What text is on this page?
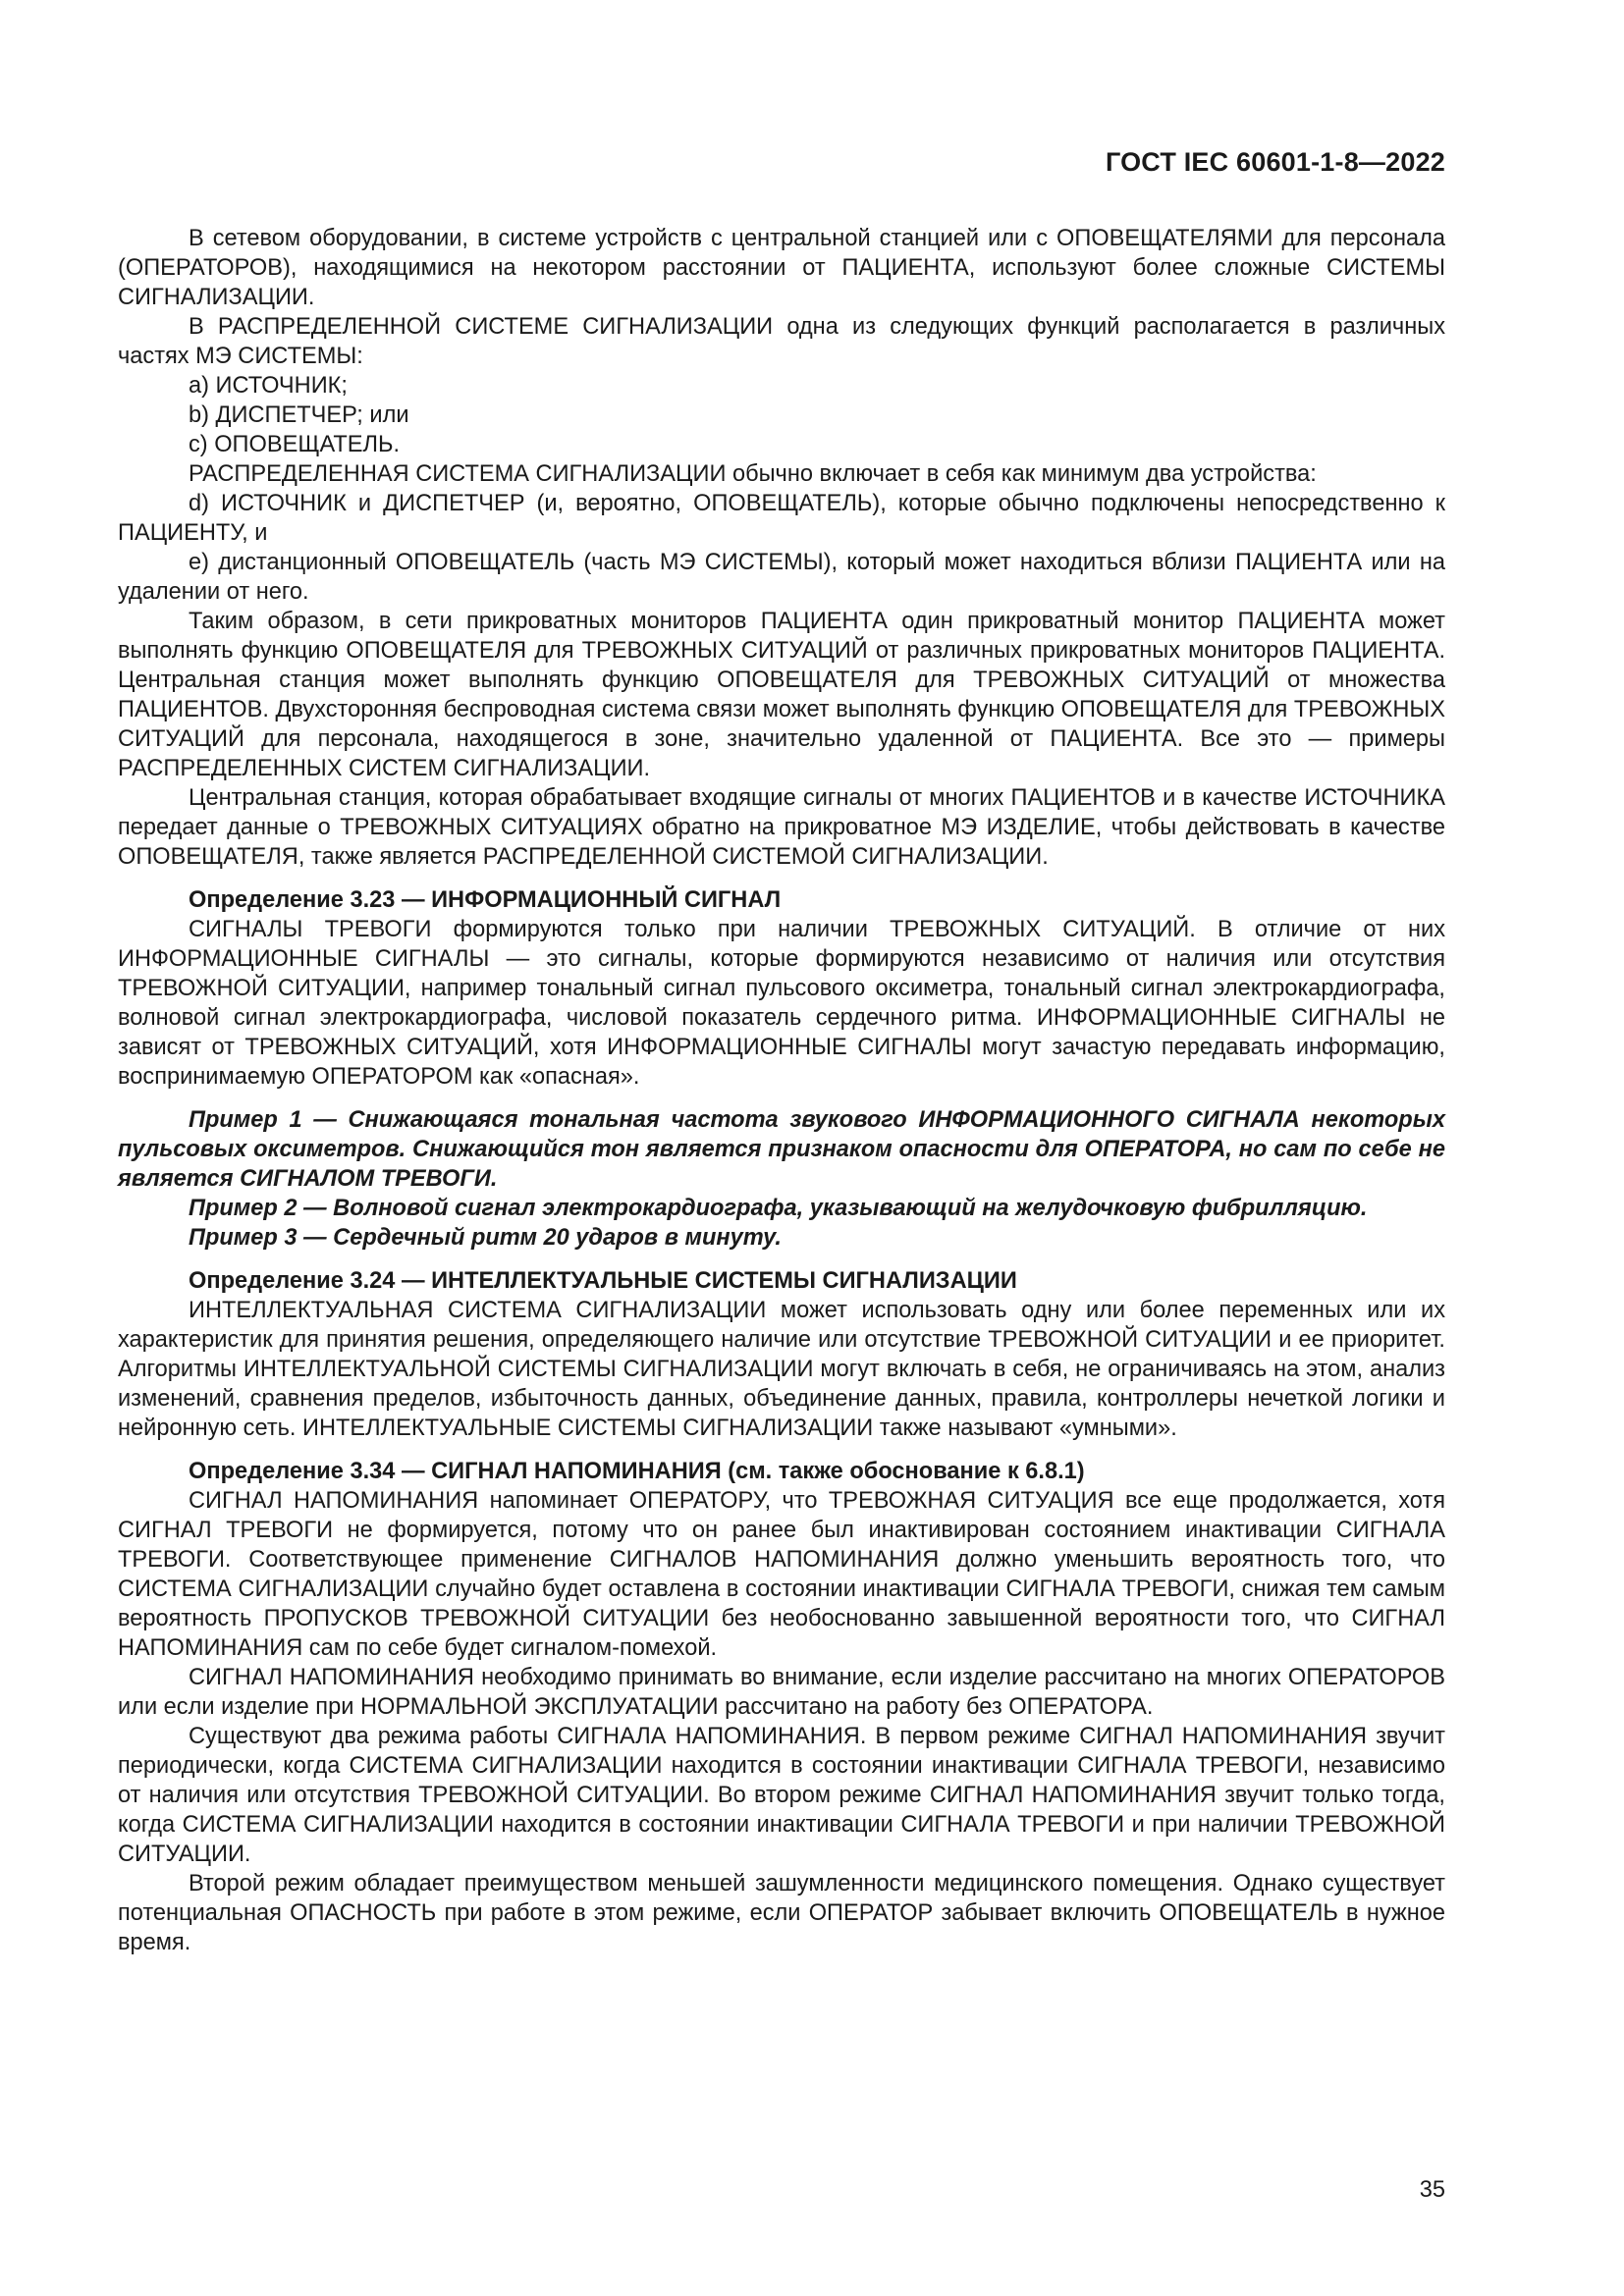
ГОСТ IEC 60601-1-8—2022

В сетевом оборудовании, в системе устройств с центральной станцией или с ОПОВЕЩАТЕЛЯМИ для персонала (ОПЕРАТОРОВ), находящимися на некотором расстоянии от ПАЦИЕНТА, используют более сложные СИСТЕМЫ СИГНАЛИЗАЦИИ.

В РАСПРЕДЕЛЕННОЙ СИСТЕМЕ СИГНАЛИЗАЦИИ одна из следующих функций располагается в различных частях МЭ СИСТЕМЫ:

a) ИСТОЧНИК;

b) ДИСПЕТЧЕР; или

c) ОПОВЕЩАТЕЛЬ.

РАСПРЕДЕЛЕННАЯ СИСТЕМА СИГНАЛИЗАЦИИ обычно включает в себя как минимум два устройства:

d) ИСТОЧНИК и ДИСПЕТЧЕР (и, вероятно, ОПОВЕЩАТЕЛЬ), которые обычно подключены непосредственно к ПАЦИЕНТУ, и

e) дистанционный ОПОВЕЩАТЕЛЬ (часть МЭ СИСТЕМЫ), который может находиться вблизи ПАЦИЕНТА или на удалении от него.

Таким образом, в сети прикроватных мониторов ПАЦИЕНТА один прикроватный монитор ПАЦИЕНТА может выполнять функцию ОПОВЕЩАТЕЛЯ для ТРЕВОЖНЫХ СИТУАЦИЙ от различных прикроватных мониторов ПАЦИЕНТА. Центральная станция может выполнять функцию ОПОВЕЩАТЕЛЯ для ТРЕВОЖНЫХ СИТУАЦИЙ от множества ПАЦИЕНТОВ. Двухсторонняя беспроводная система связи может выполнять функцию ОПОВЕЩАТЕЛЯ для ТРЕВОЖНЫХ СИТУАЦИЙ для персонала, находящегося в зоне, значительно удаленной от ПАЦИЕНТА. Все это — примеры РАСПРЕДЕЛЕННЫХ СИСТЕМ СИГНАЛИЗАЦИИ.

Центральная станция, которая обрабатывает входящие сигналы от многих ПАЦИЕНТОВ и в качестве ИСТОЧНИКА передает данные о ТРЕВОЖНЫХ СИТУАЦИЯХ обратно на прикроватное МЭ ИЗДЕЛИЕ, чтобы действовать в качестве ОПОВЕЩАТЕЛЯ, также является РАСПРЕДЕЛЕННОЙ СИСТЕМОЙ СИГНАЛИЗАЦИИ.

Определение 3.23 — ИНФОРМАЦИОННЫЙ СИГНАЛ

СИГНАЛЫ ТРЕВОГИ формируются только при наличии ТРЕВОЖНЫХ СИТУАЦИЙ. В отличие от них ИНФОРМАЦИОННЫЕ СИГНАЛЫ — это сигналы, которые формируются независимо от наличия или отсутствия ТРЕВОЖНОЙ СИТУАЦИИ, например тональный сигнал пульсового оксиметра, тональный сигнал электрокардиографа, волновой сигнал электрокардиографа, числовой показатель сердечного ритма. ИНФОРМАЦИОННЫЕ СИГНАЛЫ не зависят от ТРЕВОЖНЫХ СИТУАЦИЙ, хотя ИНФОРМАЦИОННЫЕ СИГНАЛЫ могут зачастую передавать информацию, воспринимаемую ОПЕРАТОРОМ как «опасная».

Пример 1 — Снижающаяся тональная частота звукового ИНФОРМАЦИОННОГО СИГНАЛА некоторых пульсовых оксиметров. Снижающийся тон является признаком опасности для ОПЕРАТОРА, но сам по себе не является СИГНАЛОМ ТРЕВОГИ.

Пример 2 — Волновой сигнал электрокардиографа, указывающий на желудочковую фибрилляцию.

Пример 3 — Сердечный ритм 20 ударов в минуту.

Определение 3.24 — ИНТЕЛЛЕКТУАЛЬНЫЕ СИСТЕМЫ СИГНАЛИЗАЦИИ

ИНТЕЛЛЕКТУАЛЬНАЯ СИСТЕМА СИГНАЛИЗАЦИИ может использовать одну или более переменных или их характеристик для принятия решения, определяющего наличие или отсутствие ТРЕВОЖНОЙ СИТУАЦИИ и ее приоритет. Алгоритмы ИНТЕЛЛЕКТУАЛЬНОЙ СИСТЕМЫ СИГНАЛИЗАЦИИ могут включать в себя, не ограничиваясь на этом, анализ изменений, сравнения пределов, избыточность данных, объединение данных, правила, контроллеры нечеткой логики и нейронную сеть. ИНТЕЛЛЕКТУАЛЬНЫЕ СИСТЕМЫ СИГНАЛИЗАЦИИ также называют «умными».

Определение 3.34 — СИГНАЛ НАПОМИНАНИЯ (см. также обоснование к 6.8.1)

СИГНАЛ НАПОМИНАНИЯ напоминает ОПЕРАТОРУ, что ТРЕВОЖНАЯ СИТУАЦИЯ все еще продолжается, хотя СИГНАЛ ТРЕВОГИ не формируется, потому что он ранее был инактивирован состоянием инактивации СИГНАЛА ТРЕВОГИ. Соответствующее применение СИГНАЛОВ НАПОМИНАНИЯ должно уменьшить вероятность того, что СИСТЕМА СИГНАЛИЗАЦИИ случайно будет оставлена в состоянии инактивации СИГНАЛА ТРЕВОГИ, снижая тем самым вероятность ПРОПУСКОВ ТРЕВОЖНОЙ СИТУАЦИИ без необоснованно завышенной вероятности того, что СИГНАЛ НАПОМИНАНИЯ сам по себе будет сигналом-помехой.

СИГНАЛ НАПОМИНАНИЯ необходимо принимать во внимание, если изделие рассчитано на многих ОПЕРАТОРОВ или если изделие при НОРМАЛЬНОЙ ЭКСПЛУАТАЦИИ рассчитано на работу без ОПЕРАТОРА.

Существуют два режима работы СИГНАЛА НАПОМИНАНИЯ. В первом режиме СИГНАЛ НАПОМИНАНИЯ звучит периодически, когда СИСТЕМА СИГНАЛИЗАЦИИ находится в состоянии инактивации СИГНАЛА ТРЕВОГИ, независимо от наличия или отсутствия ТРЕВОЖНОЙ СИТУАЦИИ. Во втором режиме СИГНАЛ НАПОМИНАНИЯ звучит только тогда, когда СИСТЕМА СИГНАЛИЗАЦИИ находится в состоянии инактивации СИГНАЛА ТРЕВОГИ и при наличии ТРЕВОЖНОЙ СИТУАЦИИ.

Второй режим обладает преимуществом меньшей зашумленности медицинского помещения. Однако существует потенциальная ОПАСНОСТЬ при работе в этом режиме, если ОПЕРАТОР забывает включить ОПОВЕЩАТЕЛЬ в нужное время.

35
